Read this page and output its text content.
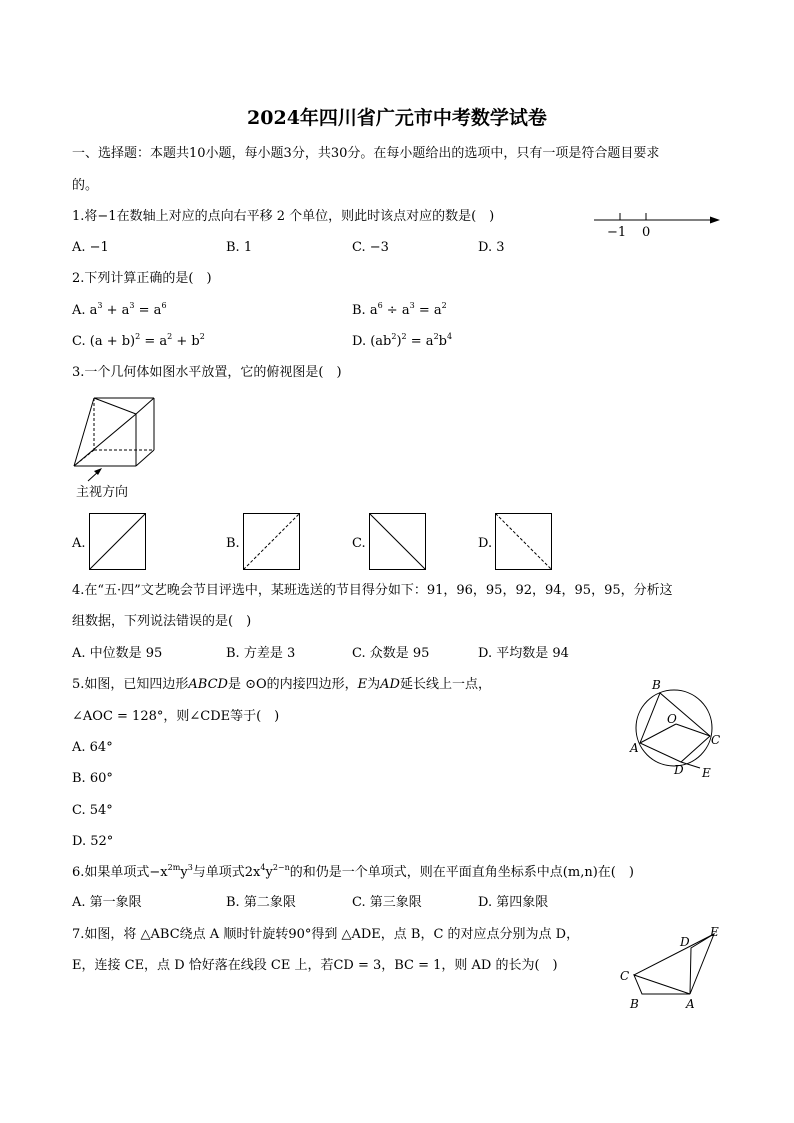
2024年四川省广元市中考数学试卷
一、选择题：本题共10小题，每小题3分，共30分。在每小题给出的选项中，只有一项是符合题目要求
的。
1.将−1在数轴上对应的点向右平移 2 个单位，则此时该点对应的数是(　)
−1 0
A. −1	B. 1	C. −3	D. 3
2.下列计算正确的是(　)
A. $a^3 + a^3 = a^6$	B. $a^6 \div a^3 = a^2$
C. $(a + b)^2 = a^2 + b^2$	D. $(ab^2)^2 = a^2b^4$
3.一个几何体如图水平放置，它的俯视图是(　)
主视方向
A.	B.	C.	D.
4.在“五·四”文艺晚会节目评选中，某班选送的节目得分如下：91，96，95，92，94，95，95，分析这
组数据，下列说法错误的是(　)
A. 中位数是 95	B. 方差是 3	C. 众数是 95	D. 平均数是 94
5.如图，已知四边形ABCD是 ⊙O的内接四边形，E为AD延长线上一点，
∠AOC = 128°，则∠CDE等于(　)
A. 64°
B. 60°
C. 54°
D. 52°
B
O
A
C
D E
6.如果单项式$-x^{2m}y^3$与单项式$2x^4y^{2-n}$的和仍是一个单项式，则在平面直角坐标系中点(m,n)在(　)
A. 第一象限	B. 第二象限	C. 第三象限	D. 第四象限
7.如图，将 △ABC绕点 A 顺时针旋转90°得到 △ADE，点 B，C 的对应点分别为点 D，
E，连接 CE，点 D 恰好落在线段 CE 上，若CD = 3，BC = 1，则 AD 的长为(　)
D
E
C
B	A
